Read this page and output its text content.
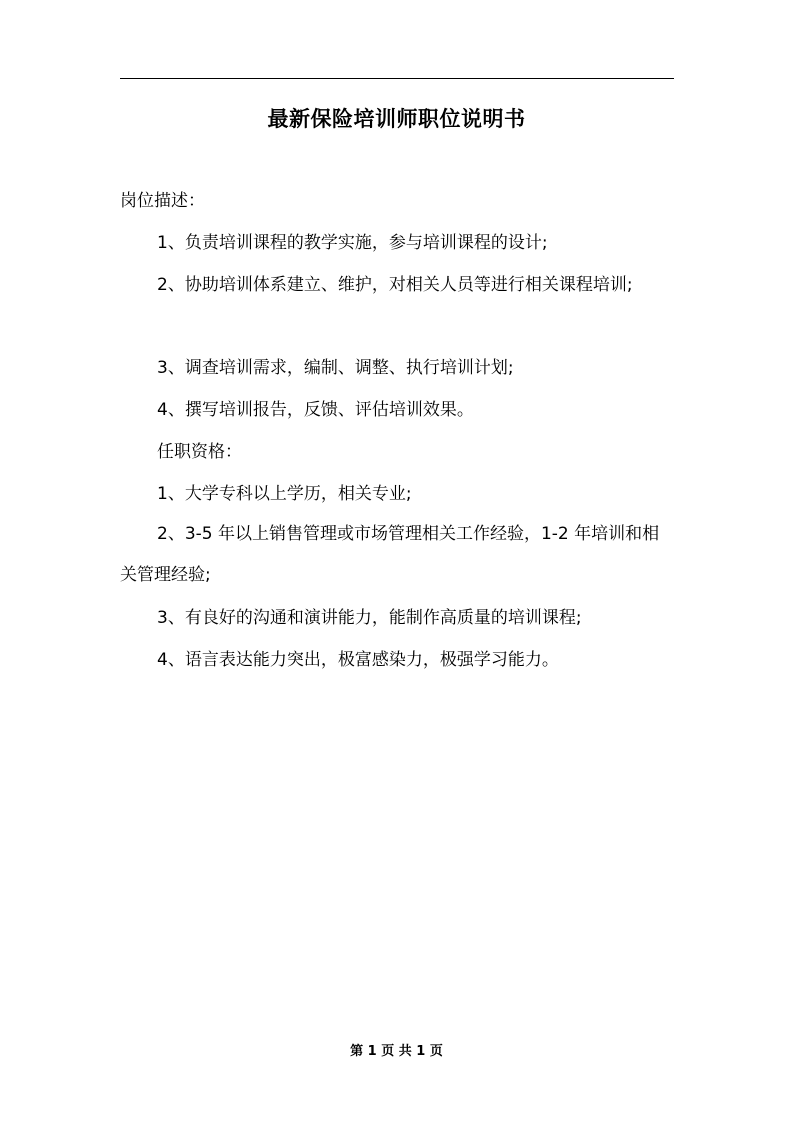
最新保险培训师职位说明书
岗位描述：
1、负责培训课程的教学实施，参与培训课程的设计;
2、协助培训体系建立、维护，对相关人员等进行相关课程培训;
3、调查培训需求，编制、调整、执行培训计划;
4、撰写培训报告，反馈、评估培训效果。
任职资格：
1、大学专科以上学历，相关专业;
2、3-5 年以上销售管理或市场管理相关工作经验，1-2 年培训和相关管理经验;
3、有良好的沟通和演讲能力，能制作高质量的培训课程;
4、语言表达能力突出，极富感染力，极强学习能力。
第 1 页 共 1 页
